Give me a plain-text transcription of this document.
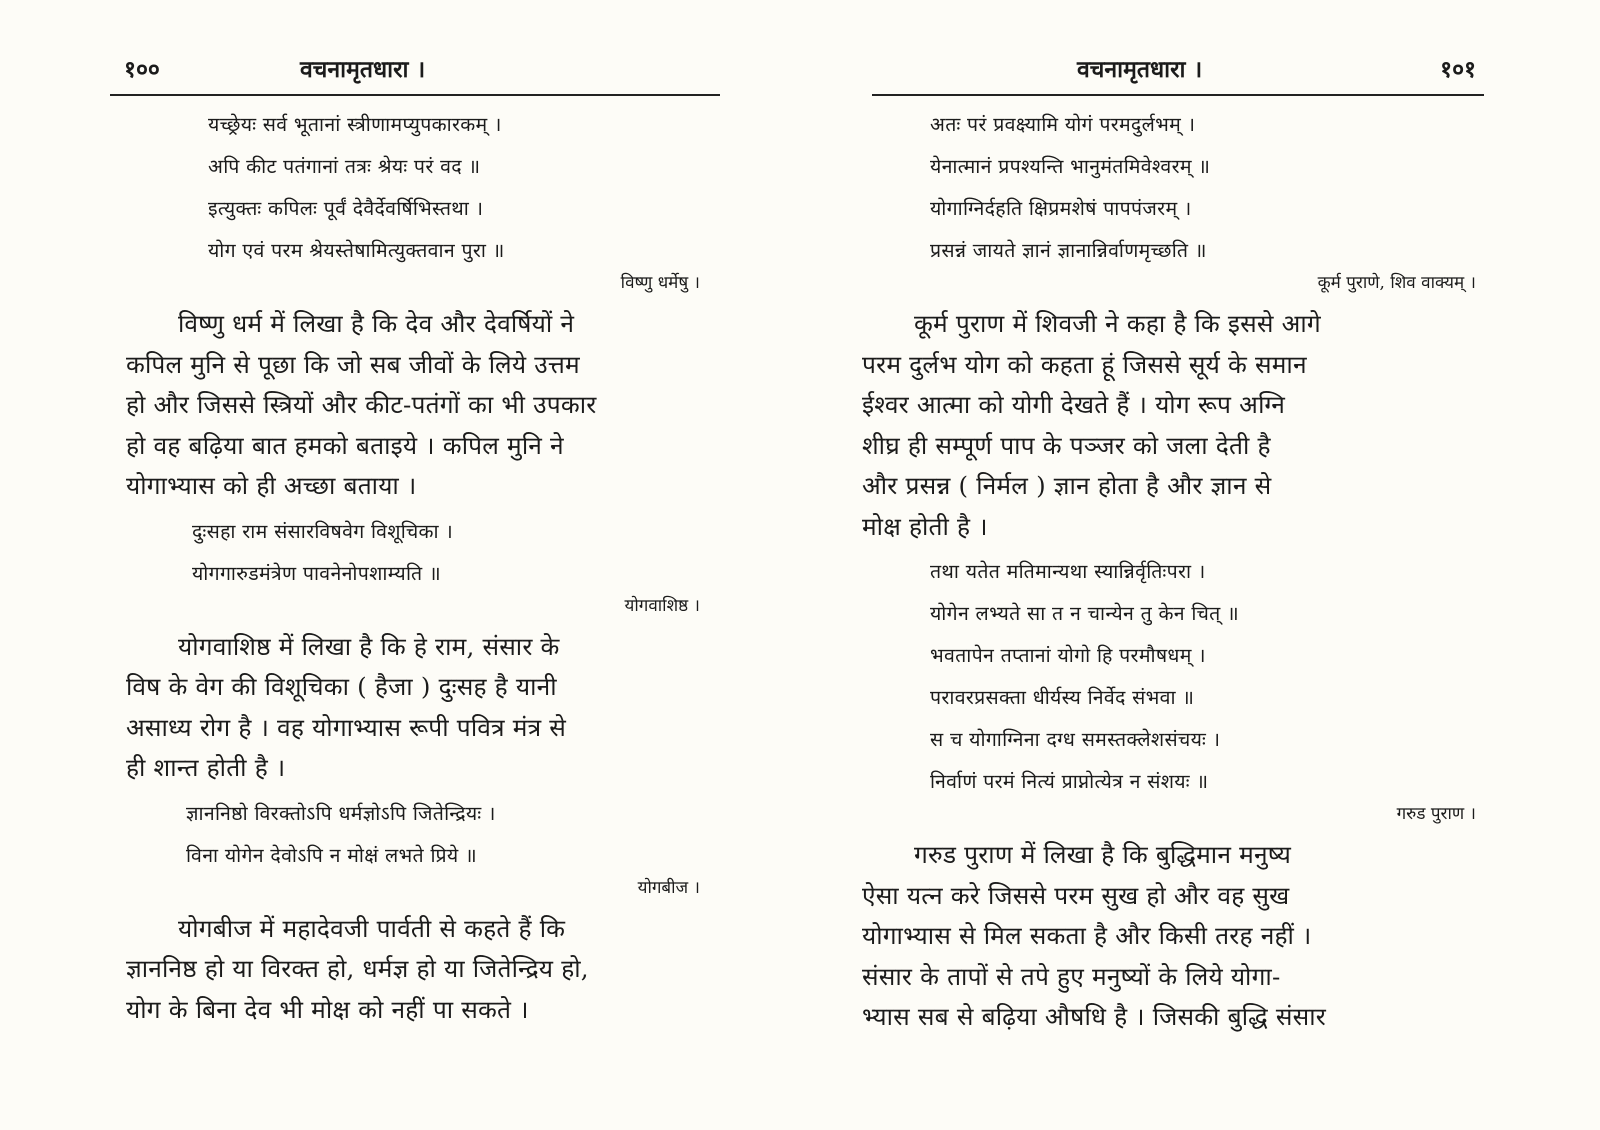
१००	वचनामृतधारा ।
यच्छ्रेयः सर्व भूतानां स्त्रीणामप्युपकारकम् ।
अपि कीट पतंगानां तत्रः श्रेयः परं वद ॥
इत्युक्तः कपिलः पूर्वं देवैर्देवर्षिभिस्तथा ।
योग एवं परम श्रेयस्तेषामित्युक्तवान पुरा ॥
विष्णु धर्मेषु ।
विष्णु धर्म में लिखा है कि देव और देवर्षियों ने
कपिल मुनि से पूछा कि जो सब जीवों के लिये उत्तम
हो और जिससे स्त्रियों और कीट-पतंगों का भी उपकार
हो वह बढ़िया बात हमको बताइये । कपिल मुनि ने
योगाभ्यास को ही अच्छा बताया ।
दुःसहा राम संसारविषवेग विशूचिका ।
योगगारुडमंत्रेण पावनेनोपशाम्यति ॥
योगवाशिष्ठ ।
योगवाशिष्ठ में लिखा है कि हे राम, संसार के
विष के वेग की विशूचिका ( हैजा ) दुःसह है यानी
असाध्य रोग है । वह योगाभ्यास रूपी पवित्र मंत्र से
ही शान्त होती है ।
ज्ञाननिष्ठो विरक्तोऽपि धर्मज्ञोऽपि जितेन्द्रियः ।
विना योगेन देवोऽपि न मोक्षं लभते प्रिये ॥
योगबीज ।
योगबीज में महादेवजी पार्वती से कहते हैं कि
ज्ञाननिष्ठ हो या विरक्त हो, धर्मज्ञ हो या जितेन्द्रिय हो,
योग के बिना देव भी मोक्ष को नहीं पा सकते ।
वचनामृतधारा ।	१०१
अतः परं प्रवक्ष्यामि योगं परमदुर्लभम् ।
येनात्मानं प्रपश्यन्ति भानुमंतमिवेश्वरम् ॥
योगाग्निर्दहति क्षिप्रमशेषं पापपंजरम् ।
प्रसन्नं जायते ज्ञानं ज्ञानान्निर्वाणमृच्छति ॥
कूर्म पुराणे, शिव वाक्यम् ।
कूर्म पुराण में शिवजी ने कहा है कि इससे आगे
परम दुर्लभ योग को कहता हूं जिससे सूर्य के समान
ईश्वर आत्मा को योगी देखते हैं । योग रूप अग्नि
शीघ्र ही सम्पूर्ण पाप के पञ्जर को जला देती है
और प्रसन्न ( निर्मल ) ज्ञान होता है और ज्ञान से
मोक्ष होती है ।
तथा यतेत मतिमान्यथा स्यान्निर्वृतिःपरा ।
योगेन लभ्यते सा त न चान्येन तु केन चित् ॥
भवतापेन तप्तानां योगो हि परमौषधम् ।
परावरप्रसक्ता धीर्यस्य निर्वेद संभवा ॥
स च योगाग्निना दग्ध समस्तक्लेशसंचयः ।
निर्वाणं परमं नित्यं प्राप्नोत्येत्र न संशयः ॥
गरुड पुराण ।
गरुड पुराण में लिखा है कि बुद्धिमान मनुष्य
ऐसा यत्न करे जिससे परम सुख हो और वह सुख
योगाभ्यास से मिल सकता है और किसी तरह नहीं ।
संसार के तापों से तपे हुए मनुष्यों के लिये योगा-
भ्यास सब से बढ़िया औषधि है । जिसकी बुद्धि संसार
